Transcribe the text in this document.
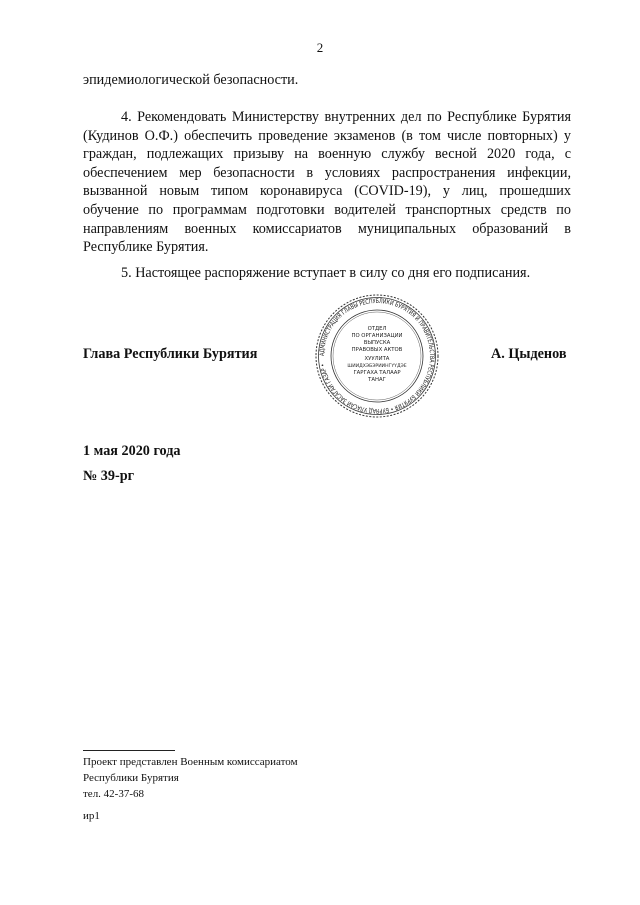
2

эпидемиологической безопасности.

4. Рекомендовать Министерству внутренних дел по Республике Бурятия (Кудинов О.Ф.) обеспечить проведение экзаменов (в том числе повторных) у граждан, подлежащих призыву на военную службу весной 2020 года, с обеспечением мер безопасности в условиях распространения инфекции, вызванной новым типом коронавируса (COVID-19), у лиц, прошедших обучение по программам подготовки водителей транспортных средств по направлениям военных комиссариатов муниципальных образований в Республике Бурятия.

5. Настоящее распоряжение вступает в силу со дня его подписания.

Глава Республики Бурятия	А. Цыденов
АДМИНИСТРАЦИЯ ГЛАВЫ РЕСПУБЛИКИ БУРЯТИЯ И ПРАВИТЕЛЬСТВА РЕСПУБЛИКИ БУРЯТИЯ • БУРЯАД УЛАСАЙ ЗАСАГАЙ ГАЗАР •
ОТДЕЛ
ПО ОРГАНИЗАЦИИ
ВЫПУСКА
ПРАВОВЫХ АКТОВ
ХУУЛИТА
ШИИДХЭБЭРИИНГҮҮДЭЕ
ГАРГАХА ТАЛААР
ТАНАГ
1 мая 2020 года
№ 39-рг
Проект представлен Военным комиссариатом
Республики Бурятия
тел. 42-37-68
ир1
